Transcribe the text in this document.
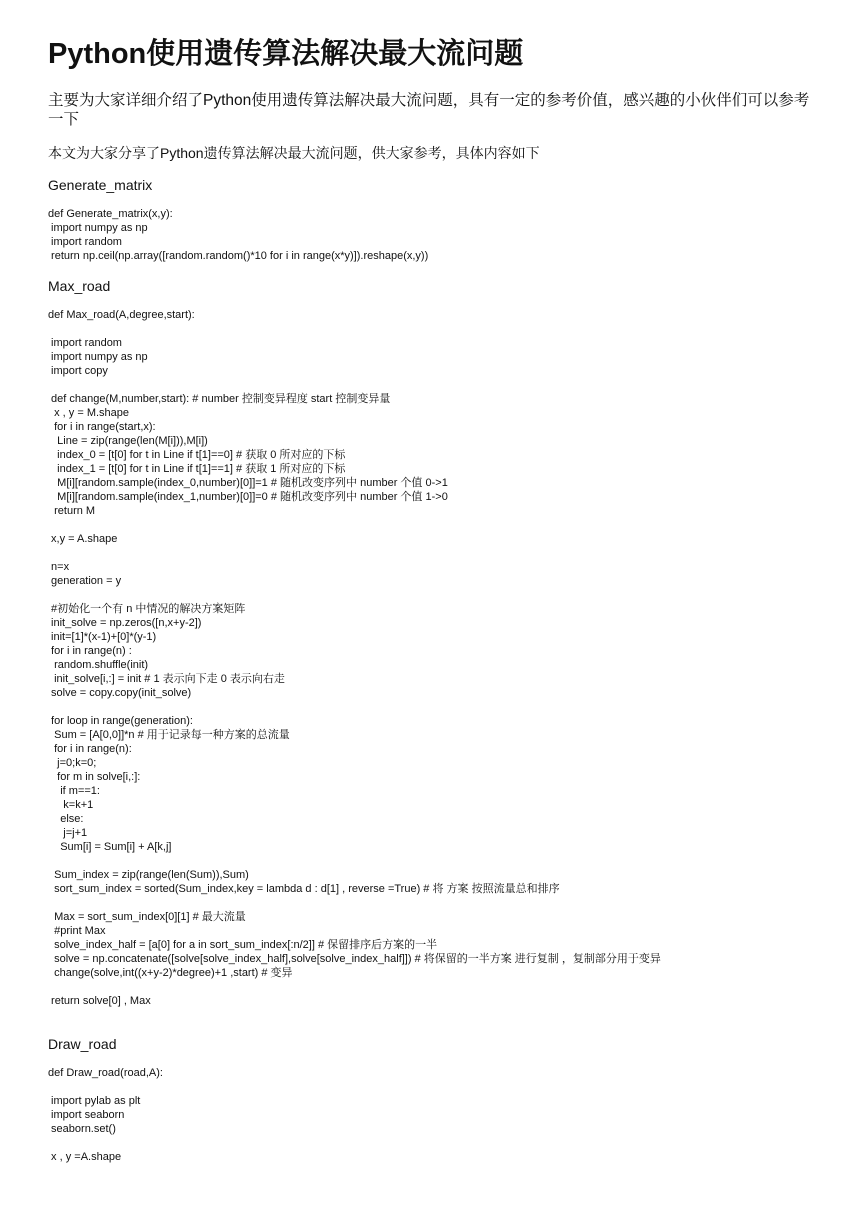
Python使用遗传算法解决最大流问题

主要为大家详细介绍了Python使用遗传算法解决最大流问题，具有一定的参考价值，感兴趣的小伙伴们可以参考一下

本文为大家分享了Python遗传算法解决最大流问题，供大家参考，具体内容如下

Generate_matrix
def Generate_matrix(x,y):
import numpy as np
import random
return np.ceil(np.array([random.random()*10 for i in range(x*y)]).reshape(x,y))
Max_road
def Max_road(A,degree,start):
import random
import numpy as np
import copy
def change(M,number,start): # number 控制变异程度 start 控制变异量
x , y = M.shape
for i in range(start,x):
Line = zip(range(len(M[i])),M[i])
index_0 = [t[0] for t in Line if t[1]==0] # 获取 0 所对应的下标
index_1 = [t[0] for t in Line if t[1]==1] # 获取 1 所对应的下标
M[i][random.sample(index_0,number)[0]]=1 # 随机改变序列中 number 个值 0->1
M[i][random.sample(index_1,number)[0]]=0 # 随机改变序列中 number 个值 1->0
return M
x,y = A.shape
n=x
generation = y
#初始化一个有 n 中情况的解决方案矩阵
init_solve = np.zeros([n,x+y-2])
init=[1]*(x-1)+[0]*(y-1)
for i in range(n) :
random.shuffle(init)
init_solve[i,:] = init # 1 表示向下走 0 表示向右走
solve = copy.copy(init_solve)
for loop in range(generation):
Sum = [A[0,0]]*n # 用于记录每一种方案的总流量
for i in range(n):
j=0;k=0;
for m in solve[i,:]:
if m==1:
k=k+1
else:
j=j+1
Sum[i] = Sum[i] + A[k,j]
Sum_index = zip(range(len(Sum)),Sum)
sort_sum_index = sorted(Sum_index,key = lambda d : d[1] , reverse =True) # 将 方案 按照流量总和排序
Max = sort_sum_index[0][1] # 最大流量
#print Max
solve_index_half = [a[0] for a in sort_sum_index[:n/2]] # 保留排序后方案的一半
solve = np.concatenate([solve[solve_index_half],solve[solve_index_half]]) # 将保留的一半方案 进行复制 ，复制部分用于变异
change(solve,int((x+y-2)*degree)+1 ,start) # 变异
return solve[0] , Max
Draw_road
def Draw_road(road,A):
import pylab as plt
import seaborn
seaborn.set()
x , y =A.shape
